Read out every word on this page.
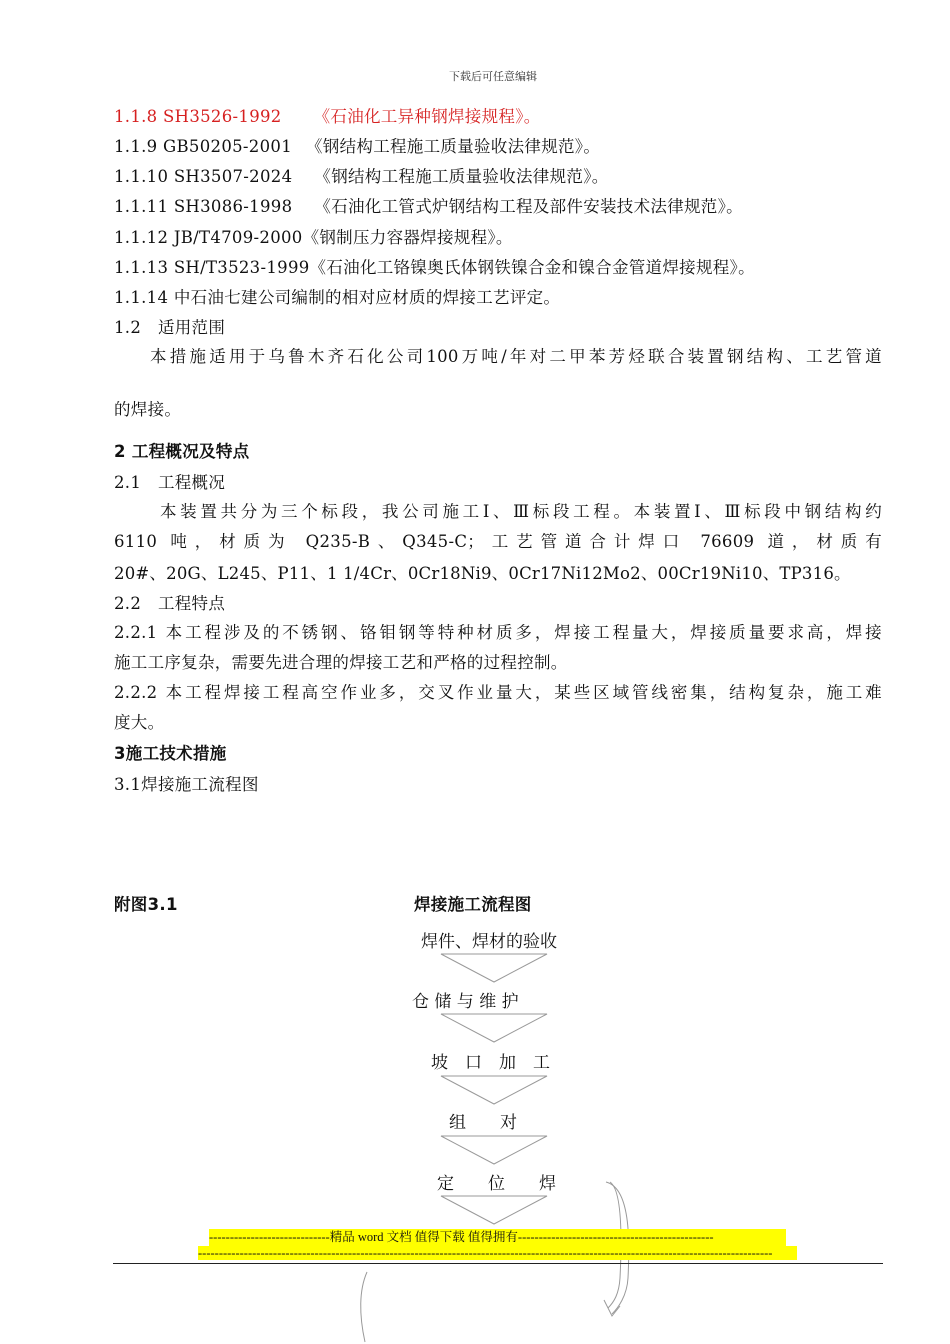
下载后可任意编辑
1.1.8 SH3526-1992 《石油化工异种钢焊接规程》。
1.1.9 GB50205-2001 《钢结构工程施工质量验收法律规范》。
1.1.10 SH3507-2024 《钢结构工程施工质量验收法律规范》。
1.1.11 SH3086-1998 《石油化工管式炉钢结构工程及部件安装技术法律规范》。
1.1.12 JB/T4709-2000《钢制压力容器焊接规程》。
1.1.13 SH/T3523-1999《石油化工铬镍奥氏体钢铁镍合金和镍合金管道焊接规程》。
1.1.14 中石油七建公司编制的相对应材质的焊接工艺评定。
1.2　适用范围
本措施适用于乌鲁木齐石化公司100万吨/年对二甲苯芳烃联合装置钢结构、工艺管道
的焊接。
2 工程概况及特点
2.1　工程概况
本装置共分为三个标段，我公司施工Ⅰ、Ⅲ标段工程。本装置Ⅰ、Ⅲ标段中钢结构约
6110 吨，材质为 Q235-B、Q345-C；工艺管道合计焊口 76609 道，材质有
20#、20G、L245、P11、1 1/4Cr、0Cr18Ni9、0Cr17Ni12Mo2、00Cr19Ni10、TP316。
2.2　工程特点
2.2.1 本工程涉及的不锈钢、铬钼钢等特种材质多，焊接工程量大，焊接质量要求高，焊接
施工工序复杂，需要先进合理的焊接工艺和严格的过程控制。
2.2.2 本工程焊接工程高空作业多，交叉作业量大，某些区域管线密集，结构复杂，施工难
度大。
3施工技术措施
3.1焊接施工流程图
附图3.1	焊接施工流程图
焊件、焊材的验收
仓 储 与 维 护
坡　口　加　工
组　　对
定　　位　　焊
-----------------------------精品 word 文档 值得下载 值得拥有-----------------------------------------------
------------------------------------------------------------------------------------------------------------------------------------------
